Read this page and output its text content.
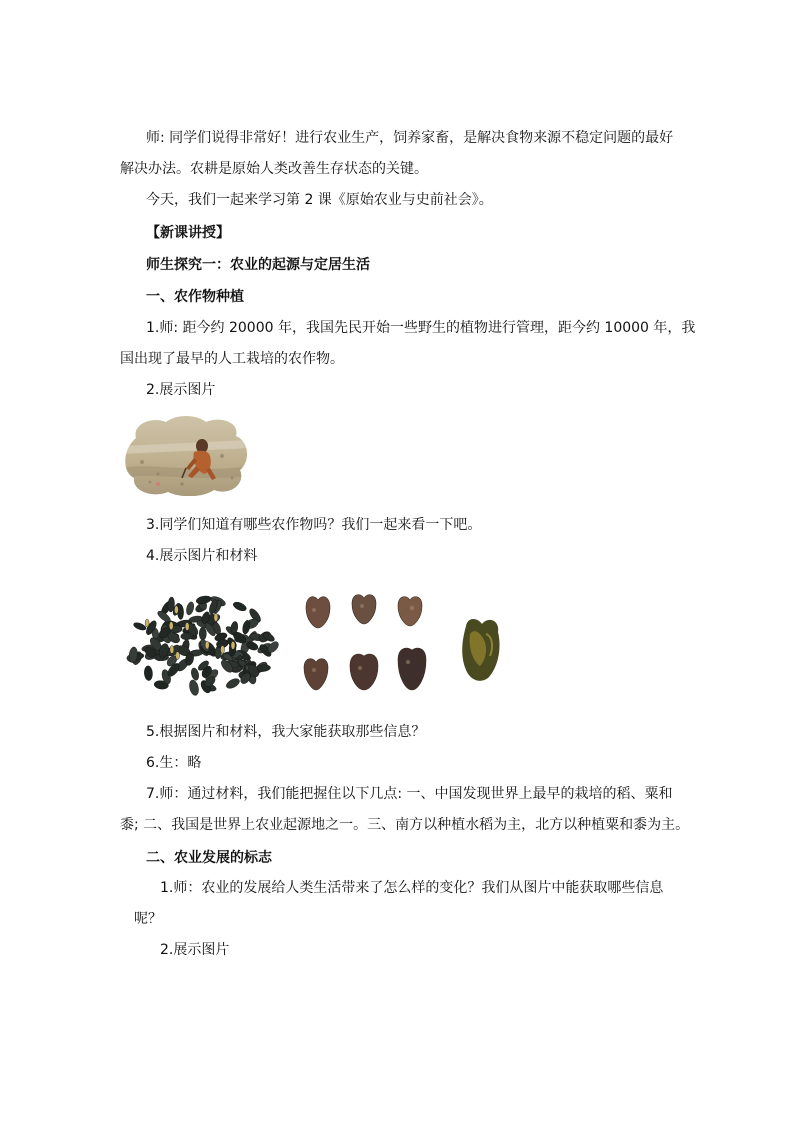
师: 同学们说得非常好！进行农业生产，饲养家畜，是解决食物来源不稳定问题的最好
解决办法。农耕是原始人类改善生存状态的关键。
今天，我们一起来学习第 2 课《原始农业与史前社会》。
【新课讲授】
师生探究一：农业的起源与定居生活
一、农作物种植
1.师: 距今约 20000 年，我国先民开始一些野生的植物进行管理，距今约 10000 年，我
国出现了最早的人工栽培的农作物。
2.展示图片
3.同学们知道有哪些农作物吗？我们一起来看一下吧。
4.展示图片和材料
5.根据图片和材料，我大家能获取那些信息？
6.生：略
7.师：通过材料，我们能把握住以下几点: 一、中国发现世界上最早的栽培的稻、粟和
黍; 二、我国是世界上农业起源地之一。三、南方以种植水稻为主，北方以种植粟和黍为主。
二、农业发展的标志
1.师：农业的发展给人类生活带来了怎么样的变化？我们从图片中能获取哪些信息
呢？
2.展示图片
